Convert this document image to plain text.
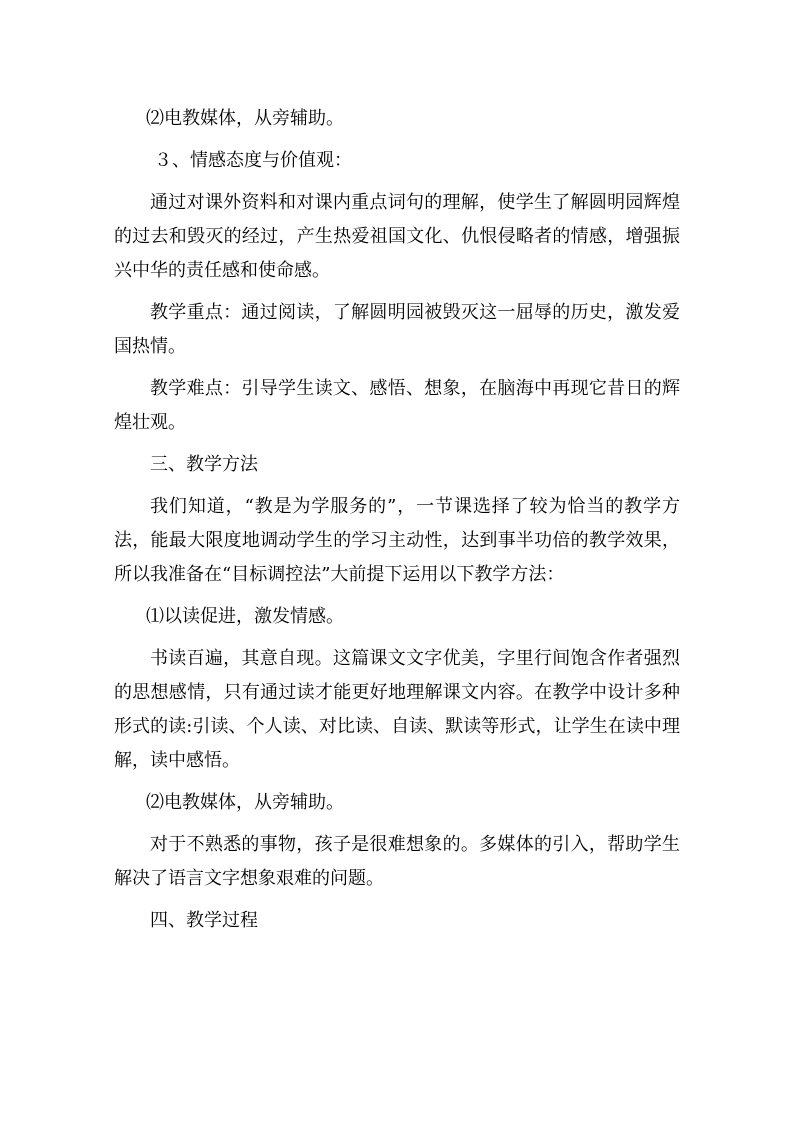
⑵电教媒体，从旁辅助。

３、情感态度与价值观：

通过对课外资料和对课内重点词句的理解，使学生了解圆明园辉煌的过去和毁灭的经过，产生热爱祖国文化、仇恨侵略者的情感，增强振兴中华的责任感和使命感。

教学重点：通过阅读，了解圆明园被毁灭这一屈辱的历史，激发爱国热情。

教学难点：引导学生读文、感悟、想象，在脑海中再现它昔日的辉煌壮观。

三、教学方法

我们知道，“教是为学服务的”，一节课选择了较为恰当的教学方法，能最大限度地调动学生的学习主动性，达到事半功倍的教学效果，所以我准备在“目标调控法”大前提下运用以下教学方法：

⑴以读促进，激发情感。

书读百遍，其意自现。这篇课文文字优美，字里行间饱含作者强烈的思想感情，只有通过读才能更好地理解课文内容。在教学中设计多种形式的读:引读、个人读、对比读、自读、默读等形式，让学生在读中理解，读中感悟。

⑵电教媒体，从旁辅助。

对于不熟悉的事物，孩子是很难想象的。多媒体的引入，帮助学生解决了语言文字想象艰难的问题。

四、教学过程
